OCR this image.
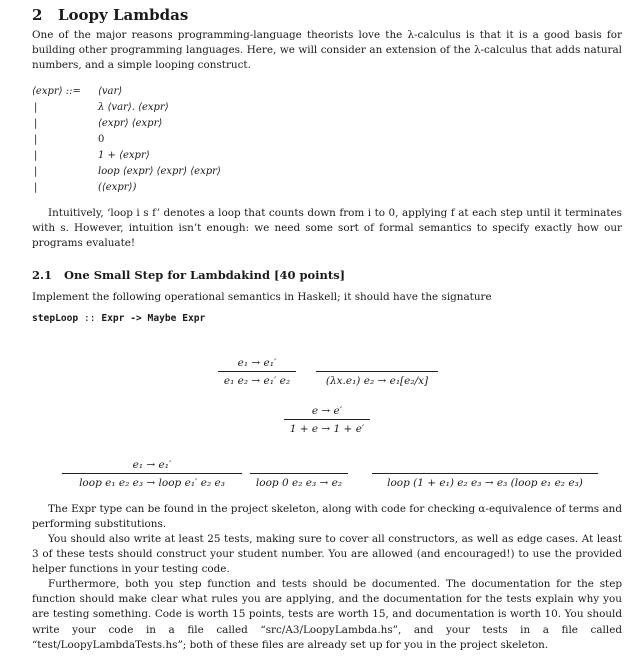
2 Loopy Lambdas
One of the major reasons programming-language theorists love the λ-calculus is that it is a good basis for building other programming languages. Here, we will consider an extension of the λ-calculus that adds natural numbers, and a simple looping construct.
⟨expr⟩ ::=	⟨var⟩
|	λ ⟨var⟩. ⟨expr⟩
|	⟨expr⟩ ⟨expr⟩
|	0
|	1 + ⟨expr⟩
|	loop ⟨expr⟩ ⟨expr⟩ ⟨expr⟩
|	(⟨expr⟩)
Intuitively, ‘loop i s f’ denotes a loop that counts down from i to 0, applying f at each step until it terminates with s. However, intuition isn’t enough: we need some sort of formal semantics to specify exactly how our programs evaluate!
2.1 One Small Step for Lambdakind [40 points]
Implement the following operational semantics in Haskell; it should have the signature
stepLoop :: Expr -> Maybe Expr
e₁ → e₁′
e₁ e₂ → e₁′ e₂	(λx.e₁) e₂ → e₁[e₂/x]
e → e′
1 + e → 1 + e′
e₁ → e₁′
loop e₁ e₂ e₃ → loop e₁′ e₂ e₃	loop 0 e₂ e₃ → e₂	loop (1 + e₁) e₂ e₃ → e₃ (loop e₁ e₂ e₃)
The Expr type can be found in the project skeleton, along with code for checking α-equivalence of terms and performing substitutions.
You should also write at least 25 tests, making sure to cover all constructors, as well as edge cases. At least 3 of these tests should construct your student number. You are allowed (and encouraged!) to use the provided helper functions in your testing code.
Furthermore, both you step function and tests should be documented. The documentation for the step function should make clear what rules you are applying, and the documentation for the tests explain why you are testing something. Code is worth 15 points, tests are worth 15, and documentation is worth 10. You should write your code in a file called “src/A3/LoopyLambda.hs”, and your tests in a file called “test/LoopyLambdaTests.hs”; both of these files are already set up for you in the project skeleton.
